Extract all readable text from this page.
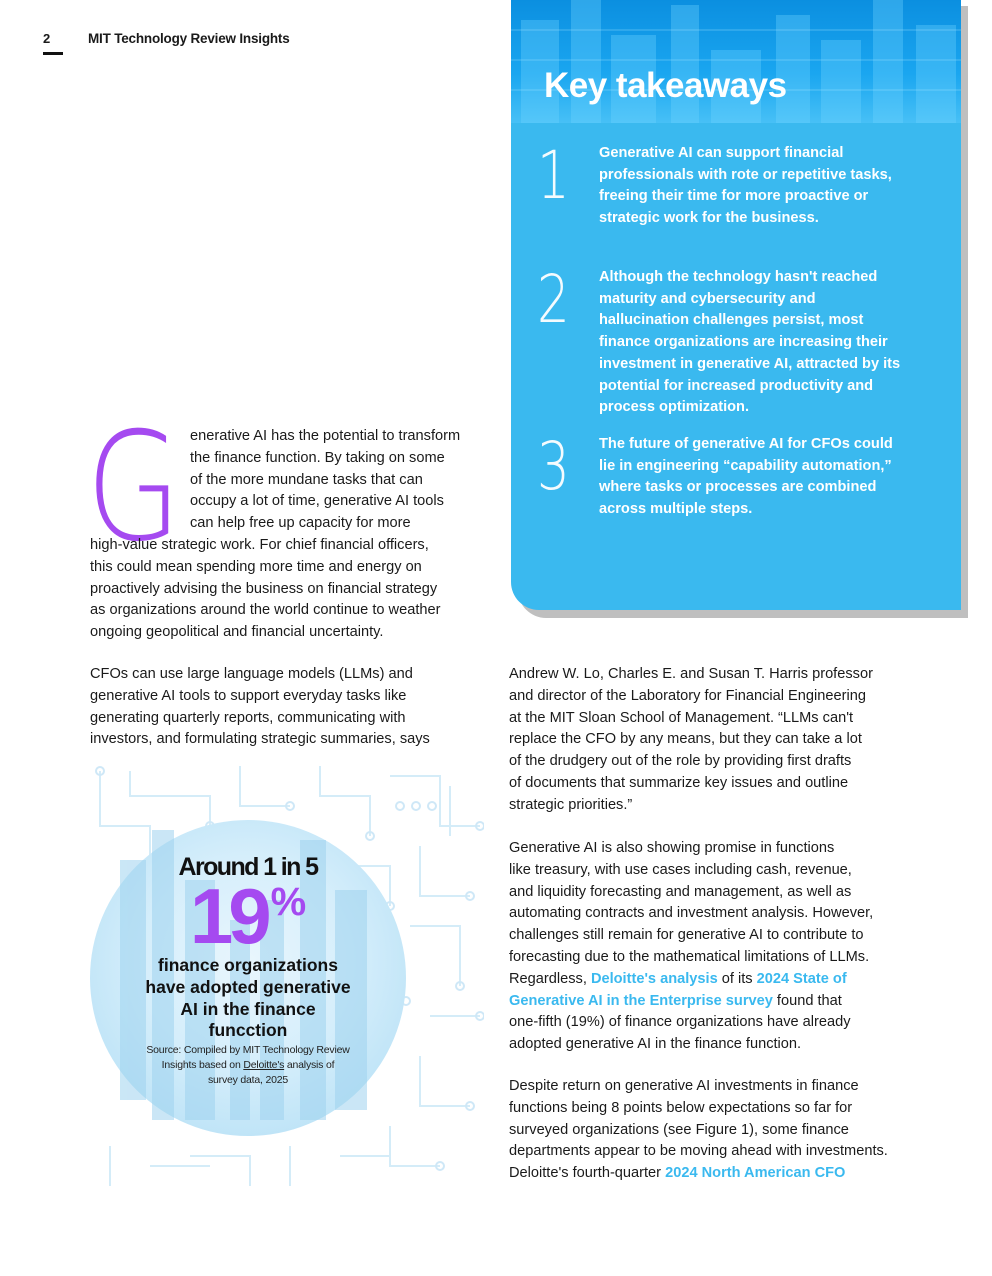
2	MIT Technology Review Insights
Key takeaways
1 Generative AI can support financial professionals with rote or repetitive tasks, freeing their time for more proactive or strategic work for the business.
2 Although the technology hasn't reached maturity and cybersecurity and hallucination challenges persist, most finance organizations are increasing their investment in generative AI, attracted by its potential for increased productivity and process optimization.
3 The future of generative AI for CFOs could lie in engineering “capability automation,” where tasks or processes are combined across multiple steps.
G enerative AI has the potential to transform
the finance function. By taking on some
of the more mundane tasks that can
occupy a lot of time, generative AI tools
can help free up capacity for more
high-value strategic work. For chief financial officers,
this could mean spending more time and energy on
proactively advising the business on financial strategy
as organizations around the world continue to weather
ongoing geopolitical and financial uncertainty.
CFOs can use large language models (LLMs) and
generative AI tools to support everyday tasks like
generating quarterly reports, communicating with
investors, and formulating strategic summaries, says
Andrew W. Lo, Charles E. and Susan T. Harris professor
and director of the Laboratory for Financial Engineering
at the MIT Sloan School of Management. “LLMs can't
replace the CFO by any means, but they can take a lot
of the drudgery out of the role by providing first drafts
of documents that summarize key issues and outline
strategic priorities.”
Generative AI is also showing promise in functions
like treasury, with use cases including cash, revenue,
and liquidity forecasting and management, as well as
automating contracts and investment analysis. However,
challenges still remain for generative AI to contribute to
forecasting due to the mathematical limitations of LLMs.
Regardless, Deloitte's analysis of its 2024 State of
Generative AI in the Enterprise survey found that
one-fifth (19%) of finance organizations have already
adopted generative AI in the finance function.
Despite return on generative AI investments in finance
functions being 8 points below expectations so far for
surveyed organizations (see Figure 1), some finance
departments appear to be moving ahead with investments.
Deloitte's fourth-quarter 2024 North American CFO
Around 1 in 5
19 %
finance organizations
have adopted generative
AI in the finance
funcction
Source: Compiled by MIT Technology Review
Insights based on Deloitte's analysis of
survey data, 2025
